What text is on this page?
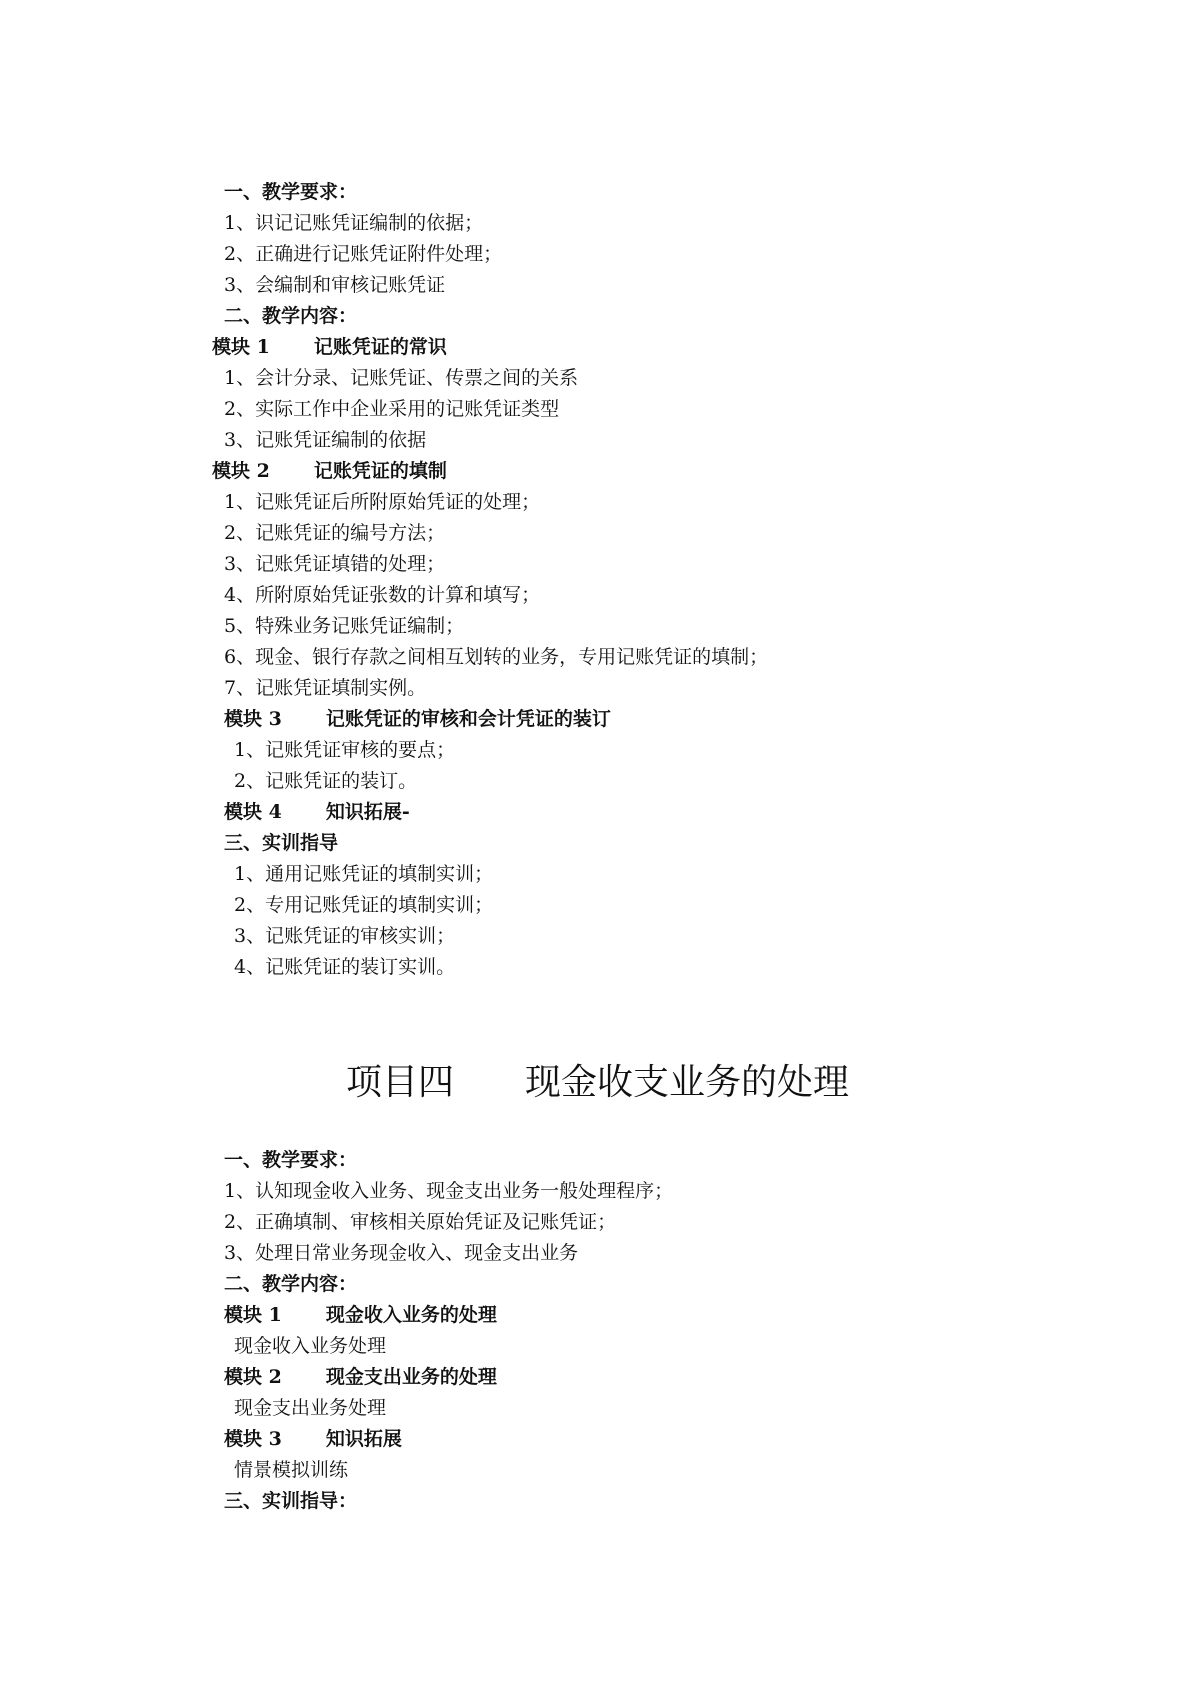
一、教学要求：
1、识记记账凭证编制的依据；
2、正确进行记账凭证附件处理；
3、会编制和审核记账凭证
二、教学内容：
模块 1 记账凭证的常识
1、会计分录、记账凭证、传票之间的关系
2、实际工作中企业采用的记账凭证类型
3、记账凭证编制的依据
模块 2 记账凭证的填制
1、记账凭证后所附原始凭证的处理；
2、记账凭证的编号方法；
3、记账凭证填错的处理；
4、所附原始凭证张数的计算和填写；
5、特殊业务记账凭证编制；
6、现金、银行存款之间相互划转的业务，专用记账凭证的填制；
7、记账凭证填制实例。
模块 3 记账凭证的审核和会计凭证的装订
1、记账凭证审核的要点；
2、记账凭证的装订。
模块 4 知识拓展-
三、实训指导
1、通用记账凭证的填制实训；
2、专用记账凭证的填制实训；
3、记账凭证的审核实训；
4、记账凭证的装订实训。
项目四 现金收支业务的处理
一、教学要求：
1、认知现金收入业务、现金支出业务一般处理程序；
2、正确填制、审核相关原始凭证及记账凭证；
3、处理日常业务现金收入、现金支出业务
二、教学内容：
模块 1 现金收入业务的处理
现金收入业务处理
模块 2 现金支出业务的处理
现金支出业务处理
模块 3 知识拓展
情景模拟训练
三、实训指导：
